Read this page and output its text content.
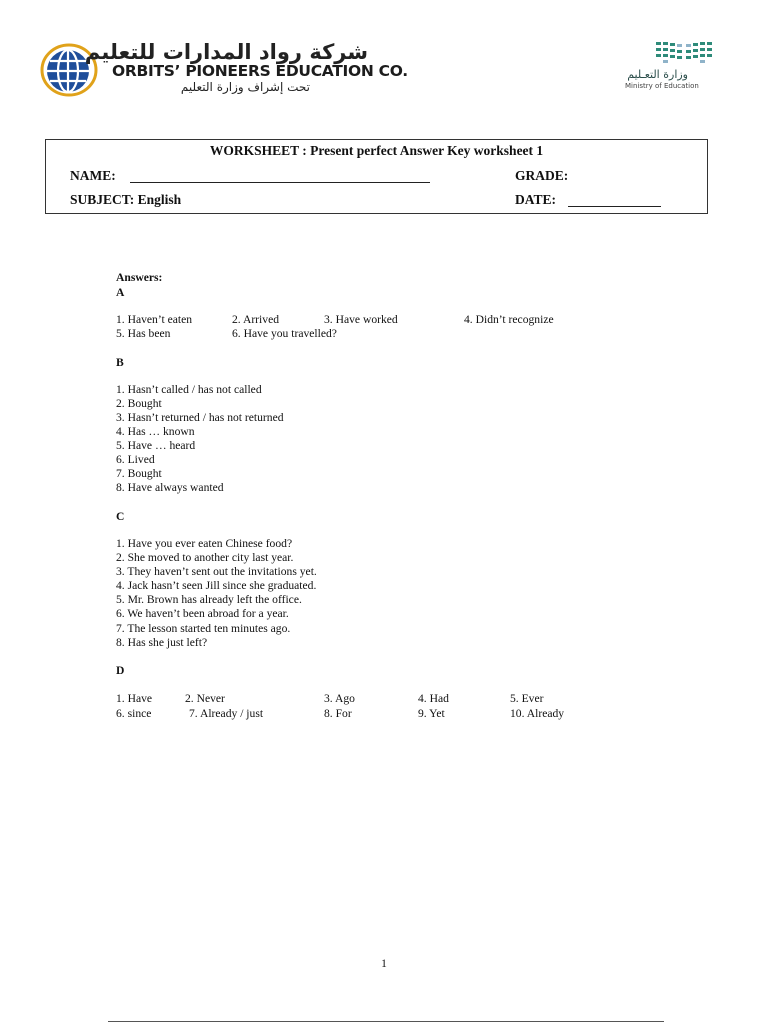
شركة رواد المدارات للتعليم
ORBITS’ PIONEERS EDUCATION CO.
تحت إشراف وزارة التعليم
وزارة التعـليم
Ministry of Education
WORKSHEET : Present perfect Answer Key worksheet 1
NAME:	GRADE:
SUBJECT: English	DATE:
Answers:
A
1. Haven’t eaten	2. Arrived	3. Have worked	4. Didn’t recognize
5. Has been	6. Have you travelled?
B
1. Hasn’t called / has not called
2. Bought
3. Hasn’t returned / has not returned
4. Has … known
5. Have … heard
6. Lived
7. Bought
8. Have always wanted
C
1. Have you ever eaten Chinese food?
2. She moved to another city last year.
3. They haven’t sent out the invitations yet.
4. Jack hasn’t seen Jill since she graduated.
5. Mr. Brown has already left the office.
6. We haven’t been abroad for a year.
7. The lesson started ten minutes ago.
8. Has she just left?
D
1. Have	2. Never	3. Ago	4. Had	5. Ever
6. since	7. Already / just	8. For	9. Yet	10. Already
1
